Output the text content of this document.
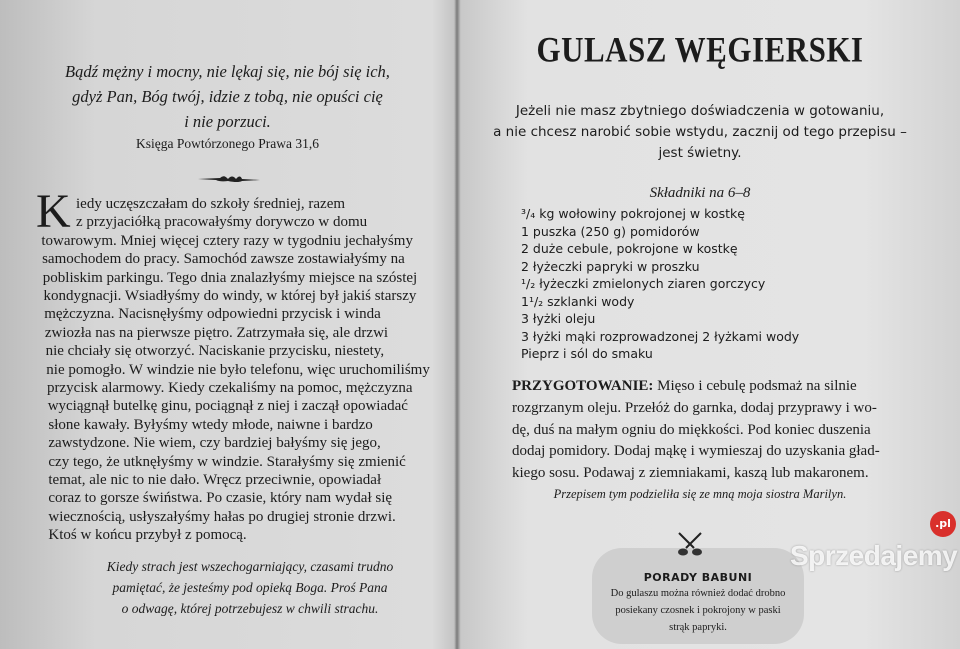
Bądź mężny i mocny, nie lękaj się, nie bój się ich,
gdyż Pan, Bóg twój, idzie z tobą, nie opuści cię
i nie porzuci.
Księga Powtórzonego Prawa 31,6
K iedy uczęszczałam do szkoły średniej, razem
z przyjaciółką pracowałyśmy dorywczo w domu
towarowym. Mniej więcej cztery razy w tygodniu jechałyśmy
samochodem do pracy. Samochód zawsze zostawiałyśmy na
pobliskim parkingu. Tego dnia znalazłyśmy miejsce na szóstej
kondygnacji. Wsiadłyśmy do windy, w której był jakiś starszy
mężczyzna. Nacisnęłyśmy odpowiedni przycisk i winda
zwiozła nas na pierwsze piętro. Zatrzymała się, ale drzwi
nie chciały się otworzyć. Naciskanie przycisku, niestety,
nie pomogło. W windzie nie było telefonu, więc uruchomiliśmy
przycisk alarmowy. Kiedy czekaliśmy na pomoc, mężczyzna
wyciągnął butelkę ginu, pociągnął z niej i zaczął opowiadać
słone kawały. Byłyśmy wtedy młode, naiwne i bardzo
zawstydzone. Nie wiem, czy bardziej bałyśmy się jego,
czy tego, że utknęłyśmy w windzie. Starałyśmy się zmienić
temat, ale nic to nie dało. Wręcz przeciwnie, opowiadał
coraz to gorsze świństwa. Po czasie, który nam wydał się
wiecznością, usłyszałyśmy hałas po drugiej stronie drzwi.
Ktoś w końcu przybył z pomocą.
Kiedy strach jest wszechogarniający, czasami trudno
pamiętać, że jesteśmy pod opieką Boga. Proś Pana
o odwagę, której potrzebujesz w chwili strachu.
GULASZ WĘGIERSKI
Jeżeli nie masz zbytniego doświadczenia w gotowaniu,
a nie chcesz narobić sobie wstydu, zacznij od tego przepisu –
jest świetny.
Składniki na 6–8
³/₄ kg wołowiny pokrojonej w kostkę
1 puszka (250 g) pomidorów
2 duże cebule, pokrojone w kostkę
2 łyżeczki papryki w proszku
¹/₂ łyżeczki zmielonych ziaren gorczycy
1¹/₂ szklanki wody
3 łyżki oleju
3 łyżki mąki rozprowadzonej 2 łyżkami wody
Pieprz i sól do smaku
PRZYGOTOWANIE: Mięso i cebulę podsmaż na silnie
rozgrzanym oleju. Przełóż do garnka, dodaj przyprawy i wo-
dę, duś na małym ogniu do miękkości. Pod koniec duszenia
dodaj pomidory. Dodaj mąkę i wymieszaj do uzyskania gład-
kiego sosu. Podawaj z ziemniakami, kaszą lub makaronem.
Przepisem tym podzieliła się ze mną moja siostra Marilyn.
PORADY BABUNI
Do gulaszu można również dodać drobno
posiekany czosnek i pokrojony w paski
strąk papryki.
Sprzedajemy
.pl
